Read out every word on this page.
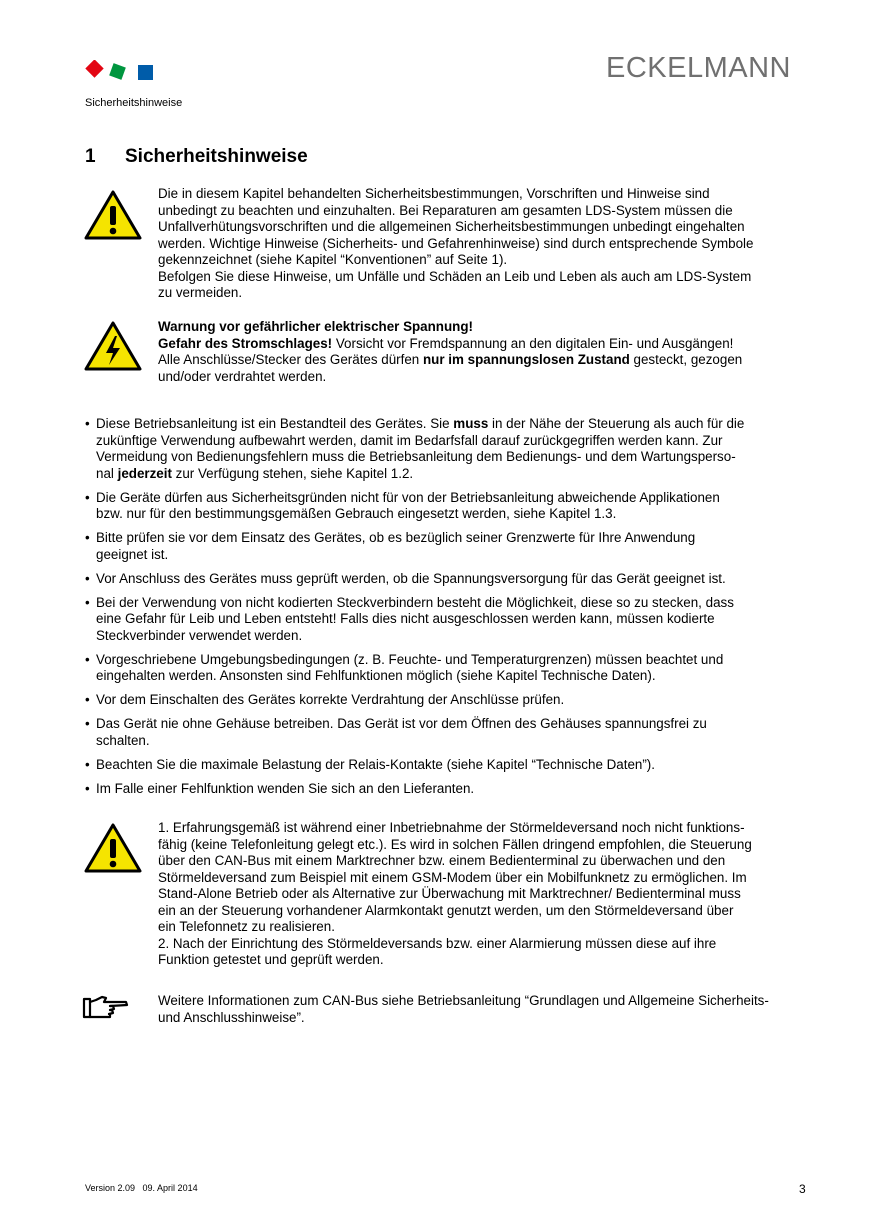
ECKELMANN
Sicherheitshinweise
1 Sicherheitshinweise
Die in diesem Kapitel behandelten Sicherheitsbestimmungen, Vorschriften und Hinweise sind
unbedingt zu beachten und einzuhalten. Bei Reparaturen am gesamten LDS-System müssen die
Unfallverhütungsvorschriften und die allgemeinen Sicherheitsbestimmungen unbedingt eingehalten
werden. Wichtige Hinweise (Sicherheits- und Gefahrenhinweise) sind durch entsprechende Symbole
gekennzeichnet (siehe Kapitel “Konventionen” auf Seite 1).
Befolgen Sie diese Hinweise, um Unfälle und Schäden an Leib und Leben als auch am LDS-System
zu vermeiden.
Warnung vor gefährlicher elektrischer Spannung!
Gefahr des Stromschlages! Vorsicht vor Fremdspannung an den digitalen Ein- und Ausgängen!
Alle Anschlüsse/Stecker des Gerätes dürfen nur im spannungslosen Zustand gesteckt, gezogen
und/oder verdrahtet werden.
• Diese Betriebsanleitung ist ein Bestandteil des Gerätes. Sie muss in der Nähe der Steuerung als auch für die
zukünftige Verwendung aufbewahrt werden, damit im Bedarfsfall darauf zurückgegriffen werden kann. Zur
Vermeidung von Bedienungsfehlern muss die Betriebsanleitung dem Bedienungs- und dem Wartungsperso-
nal jederzeit zur Verfügung stehen, siehe Kapitel 1.2.
• Die Geräte dürfen aus Sicherheitsgründen nicht für von der Betriebsanleitung abweichende Applikationen
bzw. nur für den bestimmungsgemäßen Gebrauch eingesetzt werden, siehe Kapitel 1.3.
• Bitte prüfen sie vor dem Einsatz des Gerätes, ob es bezüglich seiner Grenzwerte für Ihre Anwendung
geeignet ist.
• Vor Anschluss des Gerätes muss geprüft werden, ob die Spannungsversorgung für das Gerät geeignet ist.
• Bei der Verwendung von nicht kodierten Steckverbindern besteht die Möglichkeit, diese so zu stecken, dass
eine Gefahr für Leib und Leben entsteht! Falls dies nicht ausgeschlossen werden kann, müssen kodierte
Steckverbinder verwendet werden.
• Vorgeschriebene Umgebungsbedingungen (z. B. Feuchte- und Temperaturgrenzen) müssen beachtet und
eingehalten werden. Ansonsten sind Fehlfunktionen möglich (siehe Kapitel Technische Daten).
• Vor dem Einschalten des Gerätes korrekte Verdrahtung der Anschlüsse prüfen.
• Das Gerät nie ohne Gehäuse betreiben. Das Gerät ist vor dem Öffnen des Gehäuses spannungsfrei zu
schalten.
• Beachten Sie die maximale Belastung der Relais-Kontakte (siehe Kapitel “Technische Daten”).
• Im Falle einer Fehlfunktion wenden Sie sich an den Lieferanten.
1. Erfahrungsgemäß ist während einer Inbetriebnahme der Störmeldeversand noch nicht funktions-
fähig (keine Telefonleitung gelegt etc.). Es wird in solchen Fällen dringend empfohlen, die Steuerung
über den CAN-Bus mit einem Marktrechner bzw. einem Bedienterminal zu überwachen und den
Störmeldeversand zum Beispiel mit einem GSM-Modem über ein Mobilfunknetz zu ermöglichen. Im
Stand-Alone Betrieb oder als Alternative zur Überwachung mit Marktrechner/ Bedienterminal muss
ein an der Steuerung vorhandener Alarmkontakt genutzt werden, um den Störmeldeversand über
ein Telefonnetz zu realisieren.
2. Nach der Einrichtung des Störmeldeversands bzw. einer Alarmierung müssen diese auf ihre
Funktion getestet und geprüft werden.
Weitere Informationen zum CAN-Bus siehe Betriebsanleitung “Grundlagen und Allgemeine Sicherheits-
und Anschlusshinweise”.
Version 2.09   09. April 2014	3
